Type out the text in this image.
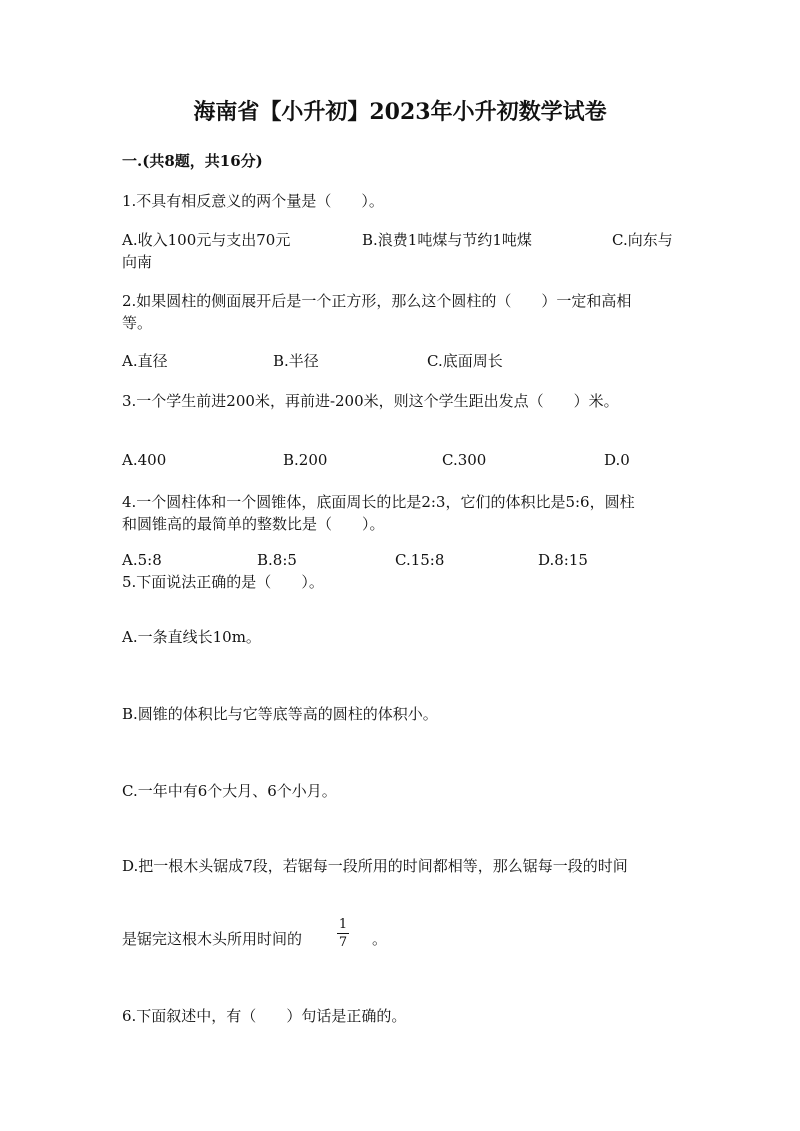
海南省【小升初】2023年小升初数学试卷
一.(共8题，共16分)
1.不具有相反意义的两个量是（　　）。
A.收入100元与支出70元	B.浪费1吨煤与节约1吨煤	C.向东与
向南
2.如果圆柱的侧面展开后是一个正方形，那么这个圆柱的（　　）一定和高相
等。
A.直径	B.半径	C.底面周长
3.一个学生前进200米，再前进-200米，则这个学生距出发点（　　）米。
A.400	B.200	C.300	D.0
4.一个圆柱体和一个圆锥体，底面周长的比是2:3，它们的体积比是5:6，圆柱
和圆锥高的最简单的整数比是（　　）。
A.5:8	B.8:5	C.15:8	D.8:15
5.下面说法正确的是（　　）。
A.一条直线长10m。
B.圆锥的体积比与它等底等高的圆柱的体积小。
C.一年中有6个大月、6个小月。
D.把一根木头锯成7段，若锯每一段所用的时间都相等，那么锯每一段的时间
是锯完这根木头所用时间的
1
7 。
6.下面叙述中，有（　　）句话是正确的。
